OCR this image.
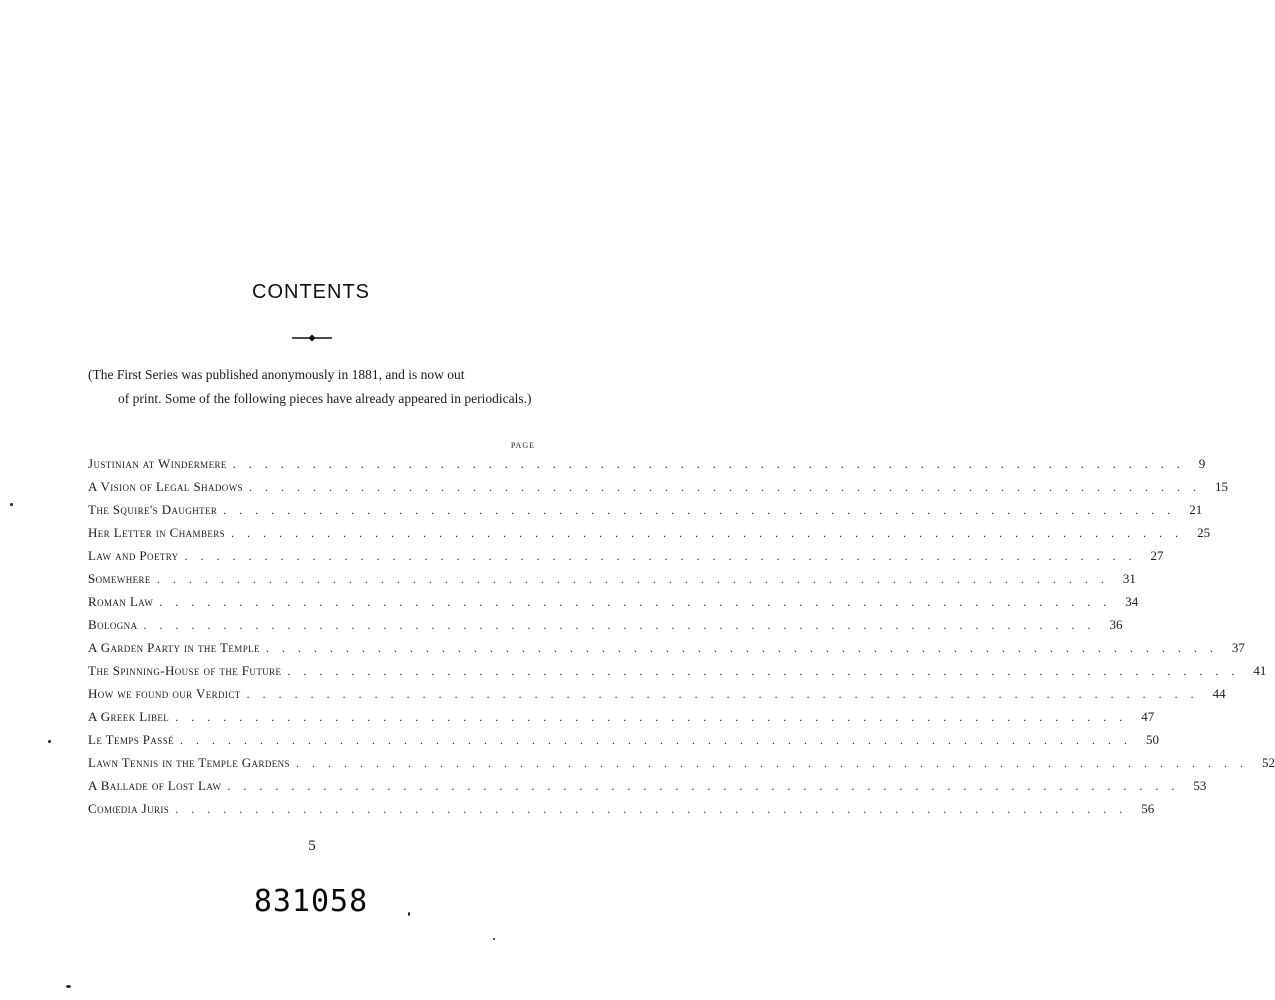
CONTENTS
(The First Series was published anonymously in 1881, and is now out
of print. Some of the following pieces have already appeared in periodicals.)
PAGE
Justinian at Windermere ............................................................ 9
A Vision of Legal Shadows ............................................................ 15
The Squire's Daughter ............................................................ 21
Her Letter in Chambers ............................................................ 25
Law and Poetry ............................................................ 27
Somewhere ............................................................ 31
Roman Law ............................................................ 34
Bologna ............................................................ 36
A Garden Party in the Temple ............................................................ 37
The Spinning-House of the Future ............................................................ 41
How we found our Verdict ............................................................ 44
A Greek Libel ............................................................ 47
Le Temps Passé ............................................................ 50
Lawn Tennis in the Temple Gardens ............................................................ 52
A Ballade of Lost Law ............................................................ 53
Comœdia Juris ............................................................ 56
5
831058
